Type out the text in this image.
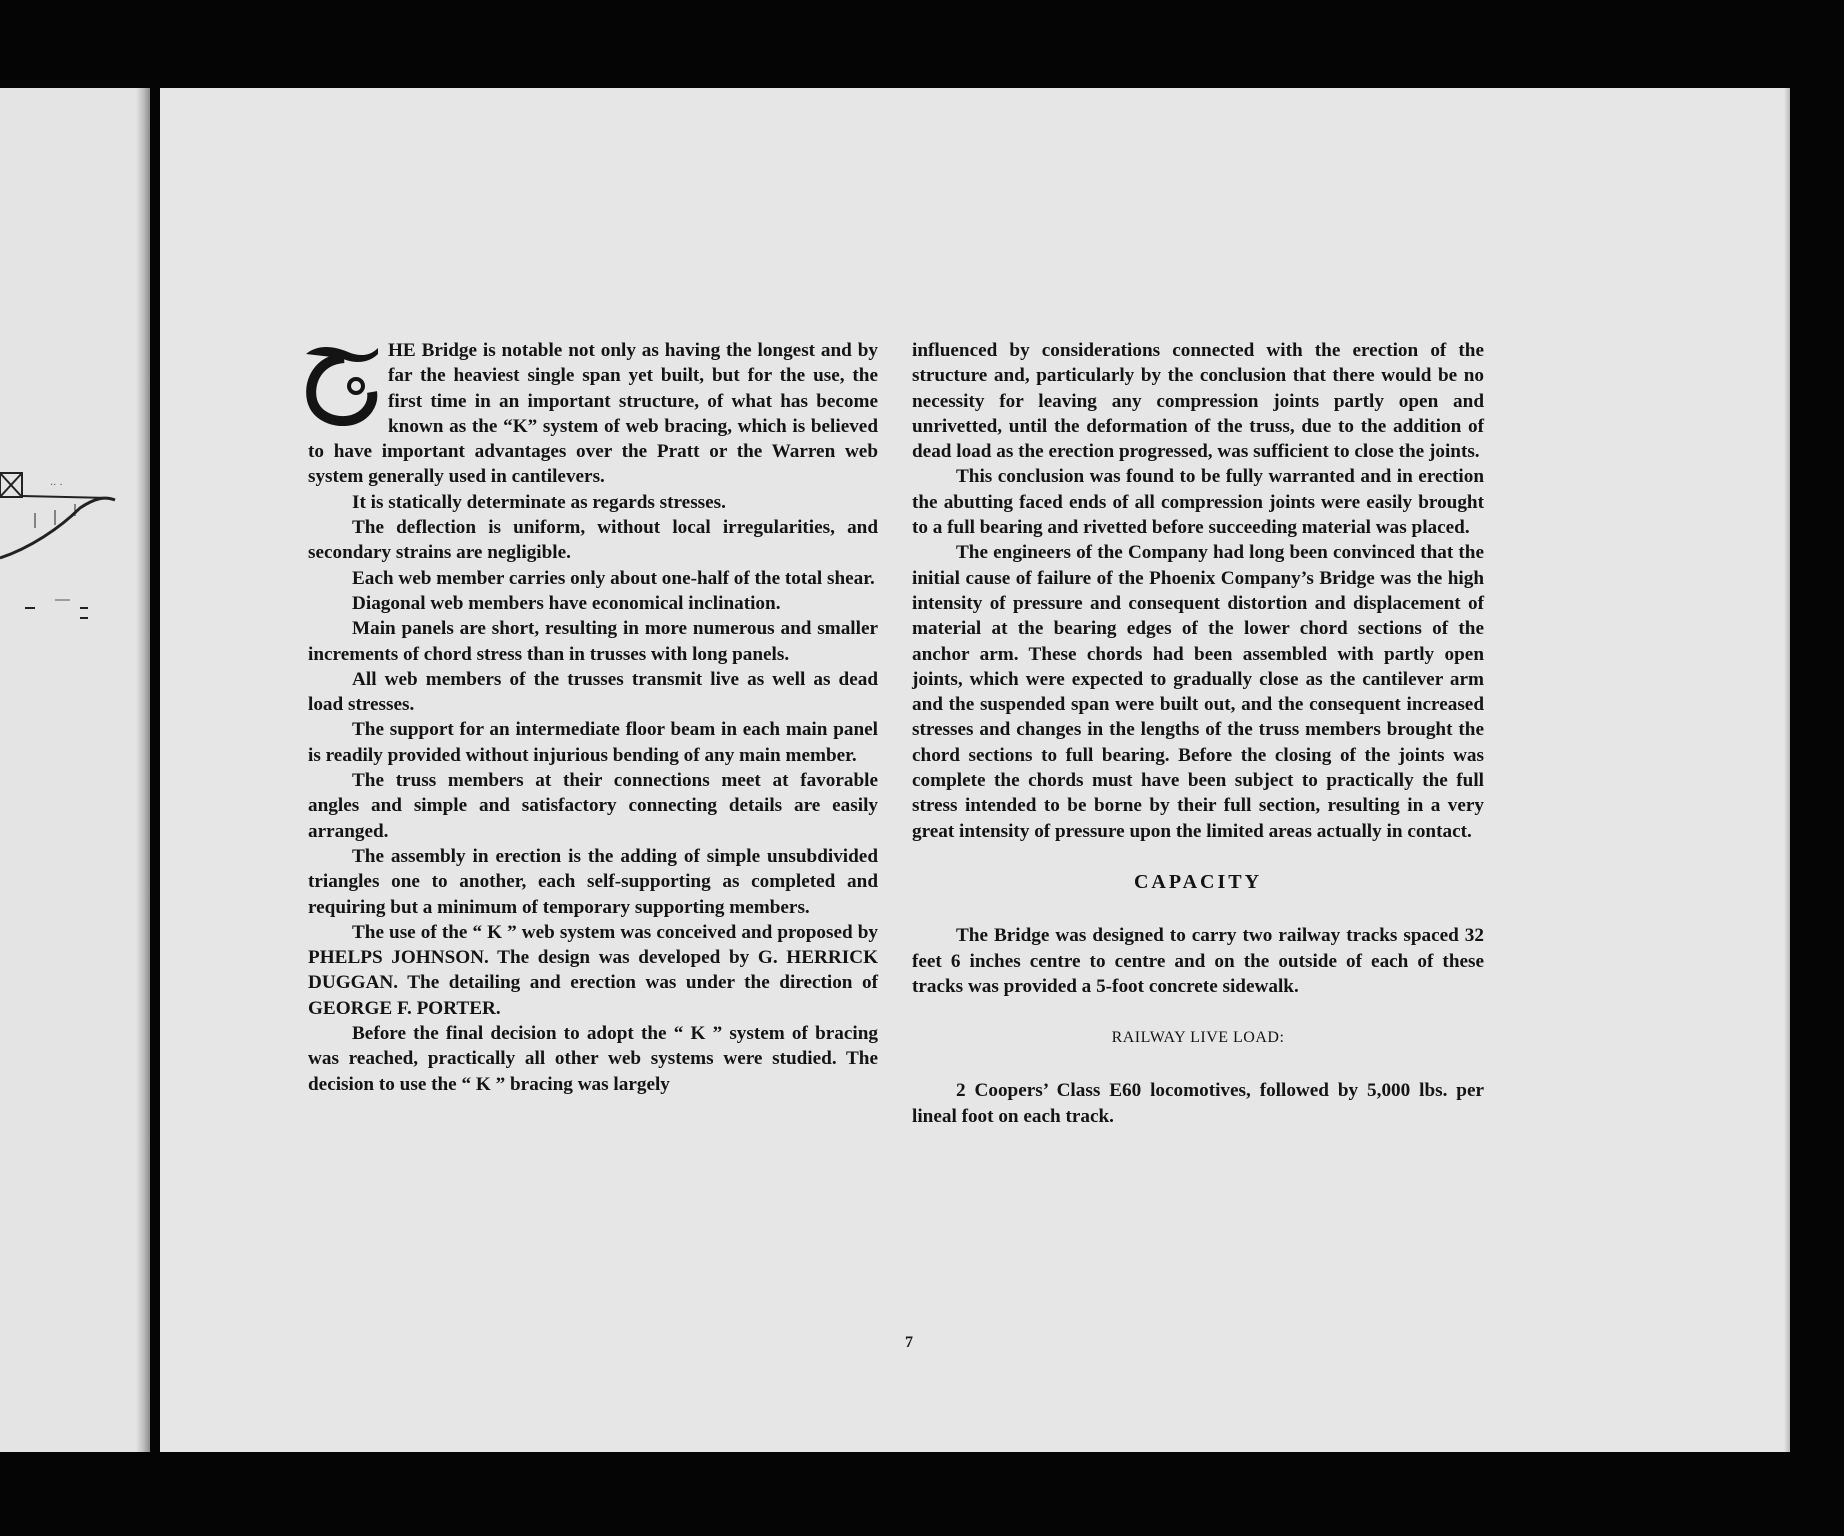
·· ·

HE Bridge is notable not only as having the longest and by far the heaviest single span yet built, but for the use, the first time in an important structure, of what has become known as the “K” system of web bracing, which is believed to have important advantages over the Pratt or the Warren web system generally used in cantilevers.

It is statically determinate as regards stresses.

The deflection is uniform, without local irregularities, and secondary strains are negligible.

Each web member carries only about one-half of the total shear.

Diagonal web members have economical inclination.

Main panels are short, resulting in more numerous and smaller increments of chord stress than in trusses with long panels.

All web members of the trusses transmit live as well as dead load stresses.

The support for an intermediate floor beam in each main panel is readily provided without injurious bending of any main member.

The truss members at their connections meet at favorable angles and simple and satisfactory connecting details are easily arranged.

The assembly in erection is the adding of simple unsubdivided triangles one to another, each self-supporting as completed and requiring but a minimum of temporary supporting members.

The use of the “ K ” web system was conceived and proposed by PHELPS JOHNSON. The design was developed by G. HERRICK DUGGAN. The detailing and erection was under the direction of GEORGE F. PORTER.

Before the final decision to adopt the “ K ” system of bracing was reached, practically all other web systems were studied. The decision to use the “ K ” bracing was largely

influenced by considerations connected with the erection of the structure and, particularly by the conclusion that there would be no necessity for leaving any compression joints partly open and unrivetted, until the deformation of the truss, due to the addition of dead load as the erection progressed, was sufficient to close the joints.

This conclusion was found to be fully warranted and in erection the abutting faced ends of all compression joints were easily brought to a full bearing and rivetted before succeeding material was placed.

The engineers of the Company had long been convinced that the initial cause of failure of the Phoenix Company’s Bridge was the high intensity of pressure and consequent distortion and displacement of material at the bearing edges of the lower chord sections of the anchor arm. These chords had been assembled with partly open joints, which were expected to gradually close as the cantilever arm and the suspended span were built out, and the consequent increased stresses and changes in the lengths of the truss members brought the chord sections to full bearing. Before the closing of the joints was complete the chords must have been subject to practically the full stress intended to be borne by their full section, resulting in a very great intensity of pressure upon the limited areas actually in contact.

CAPACITY

The Bridge was designed to carry two railway tracks spaced 32 feet 6 inches centre to centre and on the outside of each of these tracks was provided a 5-foot concrete sidewalk.

RAILWAY LIVE LOAD:

2 Coopers’ Class E60 locomotives, followed by 5,000 lbs. per lineal foot on each track.

7
